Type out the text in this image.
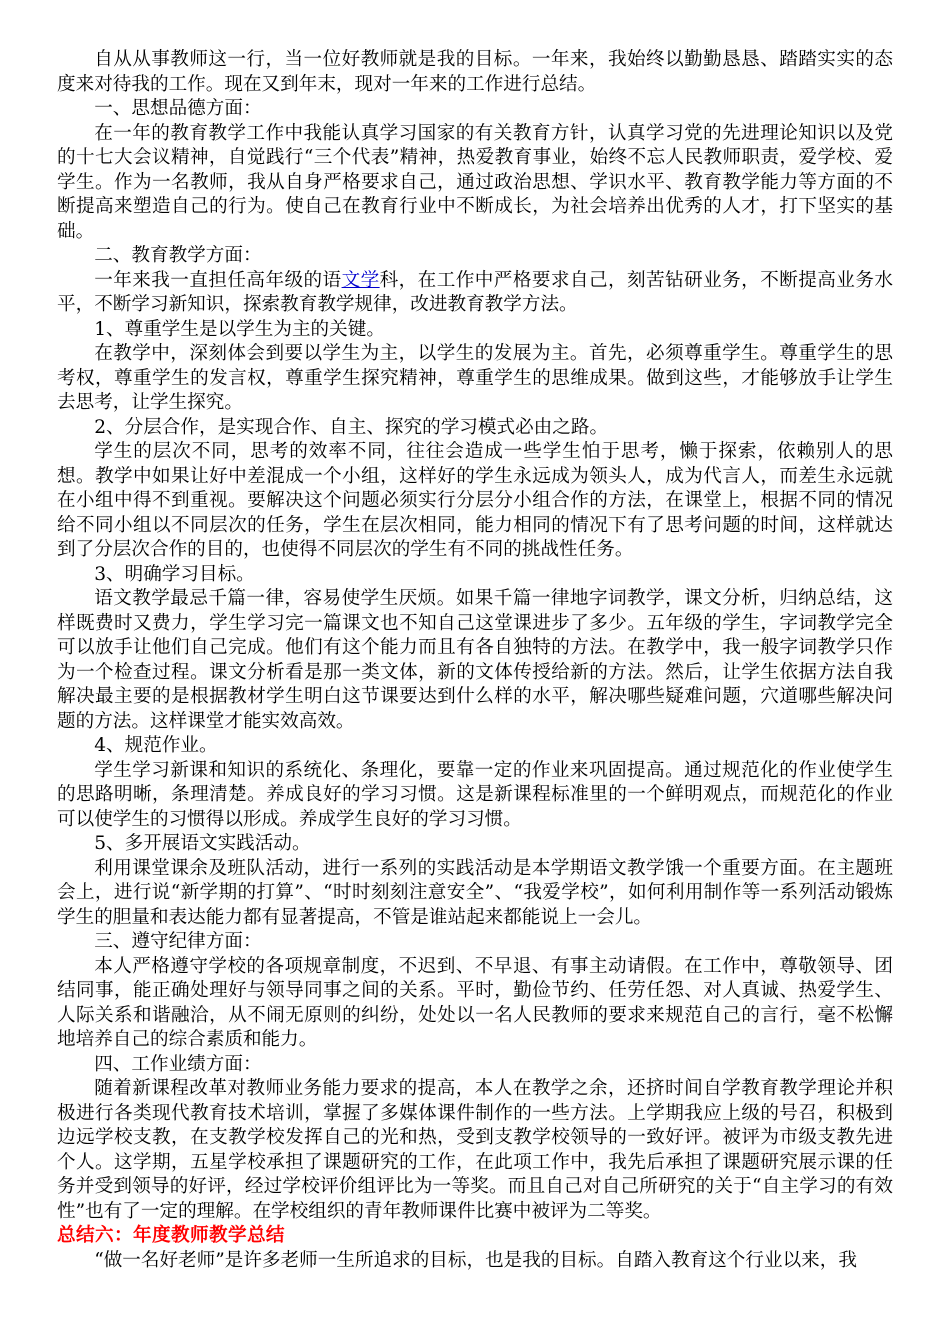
自从从事教师这一行，当一位好教师就是我的目标。一年来，我始终以勤勤恳恳、踏踏实实的态度来对待我的工作。现在又到年末，现对一年来的工作进行总结。

一、思想品德方面：

在一年的教育教学工作中我能认真学习国家的有关教育方针，认真学习党的先进理论知识以及党的十七大会议精神，自觉践行“三个代表”精神，热爱教育事业，始终不忘人民教师职责，爱学校、爱学生。作为一名教师，我从自身严格要求自己，通过政治思想、学识水平、教育教学能力等方面的不断提高来塑造自己的行为。使自己在教育行业中不断成长，为社会培养出优秀的人才，打下坚实的基础。

二、教育教学方面：

一年来我一直担任高年级的语文学科，在工作中严格要求自己，刻苦钻研业务，不断提高业务水平，不断学习新知识，探索教育教学规律，改进教育教学方法。

1、尊重学生是以学生为主的关键。

在教学中，深刻体会到要以学生为主，以学生的发展为主。首先，必须尊重学生。尊重学生的思考权，尊重学生的发言权，尊重学生探究精神，尊重学生的思维成果。做到这些，才能够放手让学生去思考，让学生探究。

2、分层合作，是实现合作、自主、探究的学习模式必由之路。

学生的层次不同，思考的效率不同，往往会造成一些学生怕于思考，懒于探索，依赖别人的思想。教学中如果让好中差混成一个小组，这样好的学生永远成为领头人，成为代言人，而差生永远就在小组中得不到重视。要解决这个问题必须实行分层分小组合作的方法，在课堂上，根据不同的情况给不同小组以不同层次的任务，学生在层次相同，能力相同的情况下有了思考问题的时间，这样就达到了分层次合作的目的，也使得不同层次的学生有不同的挑战性任务。

3、明确学习目标。

语文教学最忌千篇一律，容易使学生厌烦。如果千篇一律地字词教学，课文分析，归纳总结，这样既费时又费力，学生学习完一篇课文也不知自己这堂课进步了多少。五年级的学生，字词教学完全可以放手让他们自己完成。他们有这个能力而且有各自独特的方法。在教学中，我一般字词教学只作为一个检查过程。课文分析看是那一类文体，新的文体传授给新的方法。然后，让学生依据方法自我解决最主要的是根据教材学生明白这节课要达到什么样的水平，解决哪些疑难问题，穴道哪些解决问题的方法。这样课堂才能实效高效。

4、规范作业。

学生学习新课和知识的系统化、条理化，要靠一定的作业来巩固提高。通过规范化的作业使学生的思路明晰，条理清楚。养成良好的学习习惯。这是新课程标准里的一个鲜明观点，而规范化的作业可以使学生的习惯得以形成。养成学生良好的学习习惯。

5、多开展语文实践活动。

利用课堂课余及班队活动，进行一系列的实践活动是本学期语文教学饿一个重要方面。在主题班会上，进行说“新学期的打算”、“时时刻刻注意安全”、“我爱学校”，如何利用制作等一系列活动锻炼学生的胆量和表达能力都有显著提高，不管是谁站起来都能说上一会儿。

三、遵守纪律方面：

本人严格遵守学校的各项规章制度，不迟到、不早退、有事主动请假。在工作中，尊敬领导、团结同事，能正确处理好与领导同事之间的关系。平时，勤俭节约、任劳任怨、对人真诚、热爱学生、人际关系和谐融洽，从不闹无原则的纠纷，处处以一名人民教师的要求来规范自己的言行，毫不松懈地培养自己的综合素质和能力。

四、工作业绩方面：

随着新课程改革对教师业务能力要求的提高，本人在教学之余，还挤时间自学教育教学理论并积极进行各类现代教育技术培训，掌握了多媒体课件制作的一些方法。上学期我应上级的号召，积极到边远学校支教，在支教学校发挥自己的光和热，受到支教学校领导的一致好评。被评为市级支教先进个人。这学期，五星学校承担了课题研究的工作，在此项工作中，我先后承担了课题研究展示课的任务并受到领导的好评，经过学校评价组评比为一等奖。而且自己对自己所研究的关于“自主学习的有效性”也有了一定的理解。在学校组织的青年教师课件比赛中被评为二等奖。

总结六：年度教师教学总结

“做一名好老师”是许多老师一生所追求的目标，也是我的目标。自踏入教育这个行业以来，我
